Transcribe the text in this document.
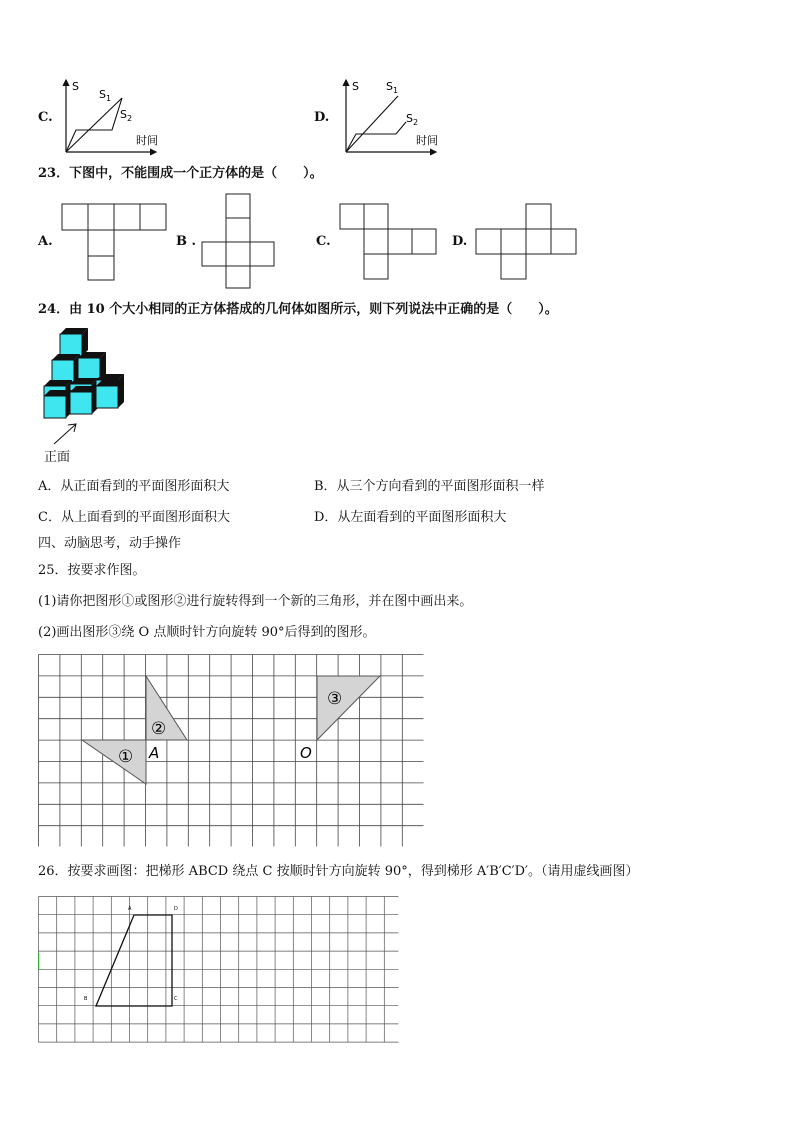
C.
S
$S_1$
$S_2$
时间
D.
S $S_1$
$S_2$
时间
23．下图中，不能围成一个正方体的是（　　）。
A.	B .	C.	D.
24．由 10 个大小相同的正方体搭成的几何体如图所示，则下列说法中正确的是（　　）。
正面
A．从正面看到的平面图形面积大	B．从三个方向看到的平面图形面积一样
C．从上面看到的平面图形面积大	D．从左面看到的平面图形面积大
四、动脑思考，动手操作
25．按要求作图。
(1)请你把图形①或图形②进行旋转得到一个新的三角形，并在图中画出来。
(2)画出图形③绕 O 点顺时针方向旋转 90°后得到的图形。
②
①
③
A	O
26．按要求画图：把梯形 ABCD 绕点 C 按顺时针方向旋转 90°，得到梯形 A′B′C′D′。（请用虚线画图）
A	D
B	C
